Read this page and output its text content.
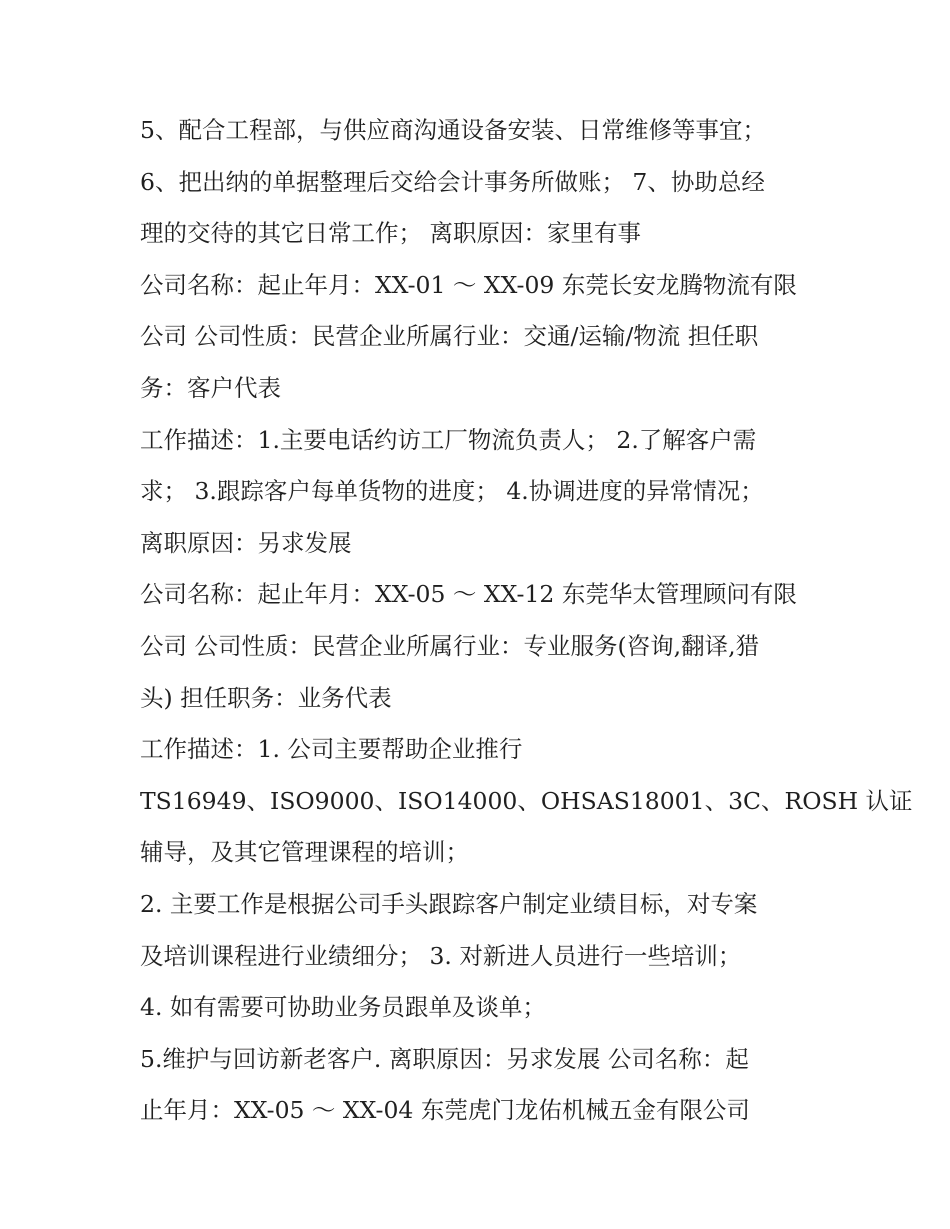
5、配合工程部，与供应商沟通设备安装、日常维修等事宜；
6、把出纳的单据整理后交给会计事务所做账； 7、协助总经
理的交待的其它日常工作； 离职原因：家里有事
公司名称：起止年月：XX-01 ～ XX-09 东莞长安龙腾物流有限
公司 公司性质：民营企业所属行业：交通/运输/物流 担任职
务：客户代表
工作描述：1.主要电话约访工厂物流负责人； 2.了解客户需
求； 3.跟踪客户每单货物的进度； 4.协调进度的异常情况；
离职原因：另求发展
公司名称：起止年月：XX-05 ～ XX-12 东莞华太管理顾问有限
公司 公司性质：民营企业所属行业：专业服务(咨询,翻译,猎
头) 担任职务：业务代表
工作描述：1. 公司主要帮助企业推行
TS16949、ISO9000、ISO14000、OHSAS18001、3C、ROSH 认证
辅导，及其它管理课程的培训；
2. 主要工作是根据公司手头跟踪客户制定业绩目标，对专案
及培训课程进行业绩细分； 3. 对新进人员进行一些培训；
4. 如有需要可协助业务员跟单及谈单；
5.维护与回访新老客户. 离职原因：另求发展 公司名称：起
止年月：XX-05 ～ XX-04 东莞虎门龙佑机械五金有限公司
